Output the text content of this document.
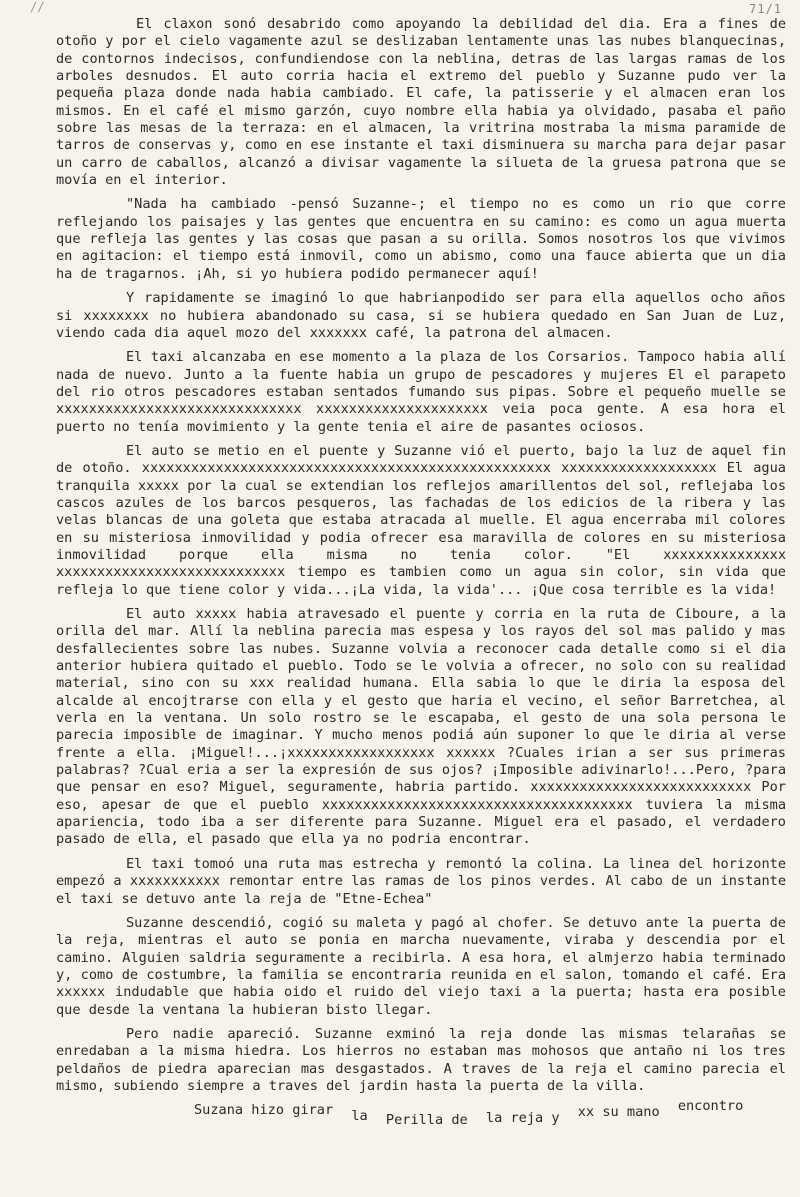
//	71/1

El claxon sonó desabrido como apoyando la debilidad del dia. Era a fines de otoño y por el cielo vagamente azul se deslizaban lentamente unas las nubes blanquecinas, de contornos indecisos, confundiendose con la neblina, detras de las largas ramas de los arboles desnudos. El auto corria hacia el extremo del pueblo y Suzanne pudo ver la pequeña plaza donde nada habia cambiado. El cafe, la patisserie y el almacen eran los mismos. En el café el mismo garzón, cuyo nombre ella habia ya olvidado, pasaba el paño sobre las mesas de la terraza: en el almacen, la vritrina mostraba la misma paramide de tarros de conservas y, como en ese instante el taxi disminuera su marcha para dejar pasar un carro de caballos, alcanzó a divisar vagamente la silueta de la gruesa patrona que se movía en el interior.

"Nada ha cambiado -pensó Suzanne-; el tiempo no es como un rio que corre reflejando los paisajes y las gentes que encuentra en su camino: es como un agua muerta que refleja las gentes y las cosas que pasan a su orilla. Somos nosotros los que vivimos en agitacion: el tiempo está inmovil, como un abismo, como una fauce abierta que un dia ha de tragarnos. ¡Ah, si yo hubiera podido permanecer aquí!

Y rapidamente se imaginó lo que habrianpodido ser para ella aquellos ocho años si xxxxxxxx no hubiera abandonado su casa, si se hubiera quedado en San Juan de Luz, viendo cada dia aquel mozo del xxxxxxx café, la patrona del almacen.

El taxi alcanzaba en ese momento a la plaza de los Corsarios. Tampoco habia allí nada de nuevo. Junto a la fuente habia un grupo de pescadores y mujeres El el parapeto del rio otros pescadores estaban sentados fumando sus pipas. Sobre el pequeño muelle se xxxxxxxxxxxxxxxxxxxxxxxxxxxxxx xxxxxxxxxxxxxxxxxxxxx veia poca gente. A esa hora el puerto no tenía movimiento y la gente tenia el aire de pasantes ociosos.

El auto se metio en el puente y Suzanne vió el puerto, bajo la luz de aquel fin de otoño. xxxxxxxxxxxxxxxxxxxxxxxxxxxxxxxxxxxxxxxxxxxxxxxxxx xxxxxxxxxxxxxxxxxxx El agua tranquila xxxxx por la cual se extendian los reflejos amarillentos del sol, reflejaba los cascos azules de los barcos pesqueros, las fachadas de los edicios de la ribera y las velas blancas de una goleta que estaba atracada al muelle. El agua encerraba mil colores en su misteriosa inmovilidad y podia ofrecer esa maravilla de colores en su misteriosa inmovilidad porque ella misma no tenia color. "El xxxxxxxxxxxxxxx xxxxxxxxxxxxxxxxxxxxxxxxxxxx tiempo es tambien como un agua sin color, sin vida que refleja lo que tiene color y vida...¡La vida, la vida'... ¡Que cosa terrible es la vida!

El auto xxxxx habia atravesado el puente y corria en la ruta de Ciboure, a la orilla del mar. Allí la neblina parecia mas espesa y los rayos del sol mas palido y mas desfallecientes sobre las nubes. Suzanne volvia a reconocer cada detalle como si el dia anterior hubiera quitado el pueblo. Todo se le volvia a ofrecer, no solo con su realidad material, sino con su xxx realidad humana. Ella sabia lo que le diria la esposa del alcalde al encojtrarse con ella y el gesto que haria el vecino, el señor Barretchea, al verla en la ventana. Un solo rostro se le escapaba, el gesto de una sola persona le parecia imposible de imaginar. Y mucho menos podiá aún suponer lo que le diria al verse frente a ella. ¡Miguel!...¡xxxxxxxxxxxxxxxxxx xxxxxx ?Cuales irian a ser sus primeras palabras? ?Cual eria a ser la expresión de sus ojos? ¡Imposible adivinarlo!...Pero, ?para que pensar en eso? Miguel, seguramente, habria partido. xxxxxxxxxxxxxxxxxxxxxxxxxxx Por eso, apesar de que el pueblo xxxxxxxxxxxxxxxxxxxxxxxxxxxxxxxxxxxxxx tuviera la misma apariencia, todo iba a ser diferente para Suzanne. Miguel era el pasado, el verdadero pasado de ella, el pasado que ella ya no podria encontrar.

El taxi tomoó una ruta mas estrecha y remontó la colina. La linea del horizonte empezó a xxxxxxxxxxx remontar entre las ramas de los pinos verdes. Al cabo de un instante el taxi se detuvo ante la reja de "Etne-Echea"

Suzanne descendió, cogió su maleta y pagó al chofer. Se detuvo ante la puerta de la reja, mientras el auto se ponia en marcha nuevamente, viraba y descendia por el camino. Alguien saldria seguramente a recibirla. A esa hora, el almjerzo habia terminado y, como de costumbre, la familia se encontraria reunida en el salon, tomando el café. Era xxxxxx indudable que habia oido el ruido del viejo taxi a la puerta; hasta era posible que desde la ventana la hubieran bisto llegar.

Pero nadie apareció. Suzanne exminó la reja donde las mismas telarañas se enredaban a la misma hiedra. Los hierros no estaban mas mohosos que antaño ni los tres peldaños de piedra aparecian mas desgastados. A traves de la reja el camino parecia el mismo, subiendo siempre a traves del jardin hasta la puerta de la villa.

Suzana hizo girar la Perilla de la reja y xx su mano encontro
